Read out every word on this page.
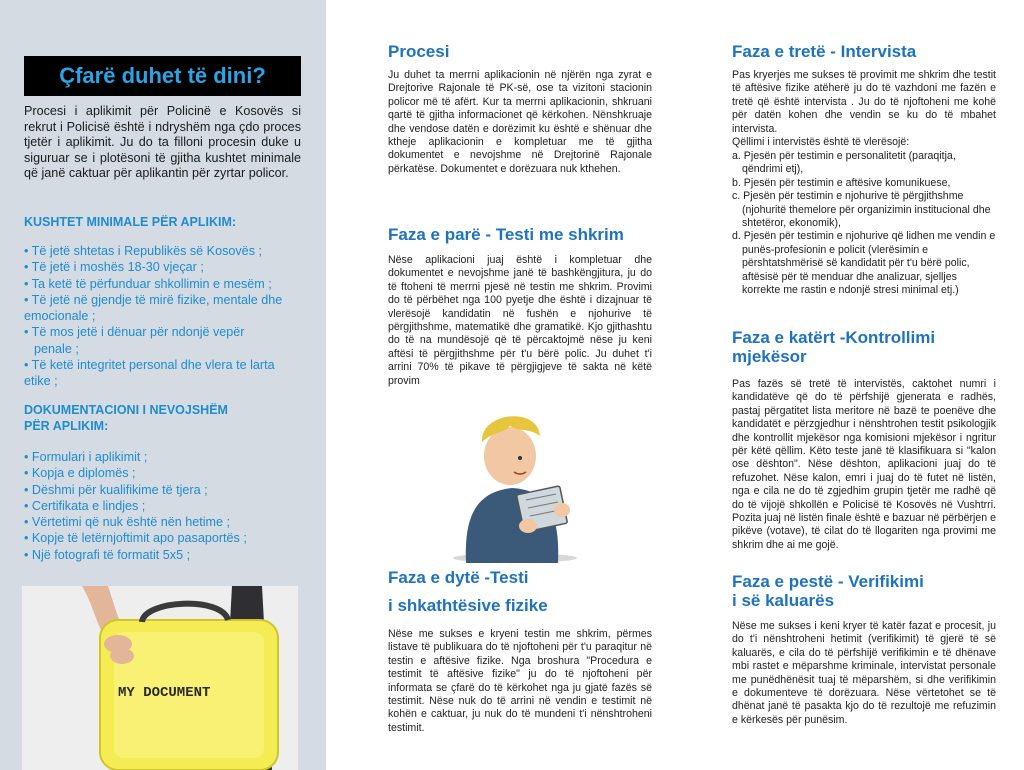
Çfarë duhet të dini?
Procesi i aplikimit për Policinë e Kosovës si rekrut i Policisë është i ndryshëm nga çdo proces tjetër i aplikimit. Ju do ta filloni procesin duke u siguruar se i plotësoni të gjitha kushtet minimale që janë caktuar për aplikantin për zyrtar policor.
KUSHTET MINIMALE PËR APLIKIM:
• Të jetë shtetas i Republikës së Kosovës ;
• Të jetë i moshës 18-30 vjeçar ;
• Ta ketë të përfunduar shkollimin e mesëm ;
• Të jetë në gjendje të mirë fizike, mentale dhe
emocionale ;
• Të mos jetë i dënuar për ndonjë vepër
penale ;
• Të ketë integritet personal dhe vlera te larta
etike ;
DOKUMENTACIONI I NEVOJSHËM
PËR APLIKIM:
• Formulari i aplikimit ;
• Kopja e diplomës ;
• Dëshmi për kualifikime të tjera ;
• Certifikata e lindjes ;
• Vërtetimi që nuk është nën hetime ;
• Kopje të letërnjoftimit apo pasaportës ;
• Një fotografi të formatit 5x5 ;
MY DOCUMENT
Procesi
Ju duhet ta merrni aplikacionin në njërën nga zyrat e Drejtorive Rajonale të PK-së, ose ta vizitoni stacionin policor më të afërt. Kur ta merrni aplikacionin, shkruani qartë të gjitha informacionet që kërkohen. Nënshkruaje dhe vendose datën e dorëzimit ku është e shënuar dhe ktheje aplikacionin e kompletuar me të gjitha dokumentet e nevojshme në Drejtorinë Rajonale përkatëse. Dokumentet e dorëzuara nuk kthehen.
Faza e parë - Testi me shkrim
Nëse aplikacioni juaj është i kompletuar dhe dokumentet e nevojshme janë të bashkëngjitura, ju do të ftoheni të merrni pjesë në testin me shkrim. Provimi do të përbëhet nga 100 pyetje dhe është i dizajnuar të vlerësojë kandidatin në fushën e njohurive të përgjithshme, matematikë dhe gramatikë. Kjo gjithashtu do të na mundësojë që të përcaktojmë nëse ju keni aftësi të përgjithshme për t'u bërë polic. Ju duhet t'i arrini 70% të pikave të përgjigjeve të sakta në këtë provim
Faza e dytë -Testi
i shkathtësive fizike
Nëse me sukses e kryeni testin me shkrim, përmes listave të publikuara do të njoftoheni për t'u paraqitur në testin e aftësive fizike. Nga broshura "Procedura e testimit të aftësive fizike" ju do të njoftoheni për informata se çfarë do të kërkohet nga ju gjatë fazës së testimit. Nëse nuk do të arrini në vendin e testimit në kohën e caktuar, ju nuk do të mundeni t'i nënshtroheni testimit.
Faza e tretë - Intervista
Pas kryerjes me sukses të provimit me shkrim dhe testit të aftësive fizike atëherë ju do të vazhdoni me fazën e tretë që është intervista . Ju do të njoftoheni me kohë për datën kohen dhe vendin se ku do të mbahet intervista.
Qëllimi i intervistës është të vlerësojë:
a. Pjesën për testimin e personalitetit (paraqitja, qëndrimi etj),
b. Pjesën për testimin e aftësive komunikuese,
c. Pjesën për testimin e njohurive të përgjithshme (njohuritë themelore për organizimin institucional dhe shtetëror, ekonomik),
d. Pjesën për testimin e njohurive që lidhen me vendin e punës-profesionin e policit (vlerësimin e përshtatshmërisë së kandidatit për t'u bërë polic, aftësisë për të menduar dhe analizuar, sjelljes korrekte me rastin e ndonjë stresi minimal etj.)
Faza e katërt -Kontrollimi
mjekësor
Pas fazës së tretë të intervistës, caktohet numri i kandidatëve që do të përfshijë gjenerata e radhës, pastaj përgatitet lista meritore në bazë te poenëve dhe kandidatët e përzgjedhur i nënshtrohen testit psikologjik dhe kontrollit mjekësor nga komisioni mjekësor i ngritur për këtë qëllim. Këto teste janë të klasifikuara si "kalon ose dështon". Nëse dështon, aplikacioni juaj do të refuzohet. Nëse kalon, emri i juaj do të futet në listën, nga e cila ne do të zgjedhim grupin tjetër me radhë që do të vijojë shkollën e Policisë të Kosovës në Vushtrri. Pozita juaj në listën finale është e bazuar në përbërjen e pikëve (votave), të cilat do të llogariten nga provimi me shkrim dhe ai me gojë.
Faza e pestë - Verifikimi
i së kaluarës
Nëse me sukses i keni kryer të katër fazat e procesit, ju do t'i nënshtroheni hetimit (verifikimit) të gjerë të së kaluarës, e cila do të përfshijë verifikimin e të dhënave mbi rastet e mëparshme kriminale, intervistat personale me punëdhënësit tuaj të mëparshëm, si dhe verifikimin e dokumenteve të dorëzuara. Nëse vërtetohet se të dhënat janë të pasakta kjo do të rezultojë me refuzimin e kërkesës për punësim.
